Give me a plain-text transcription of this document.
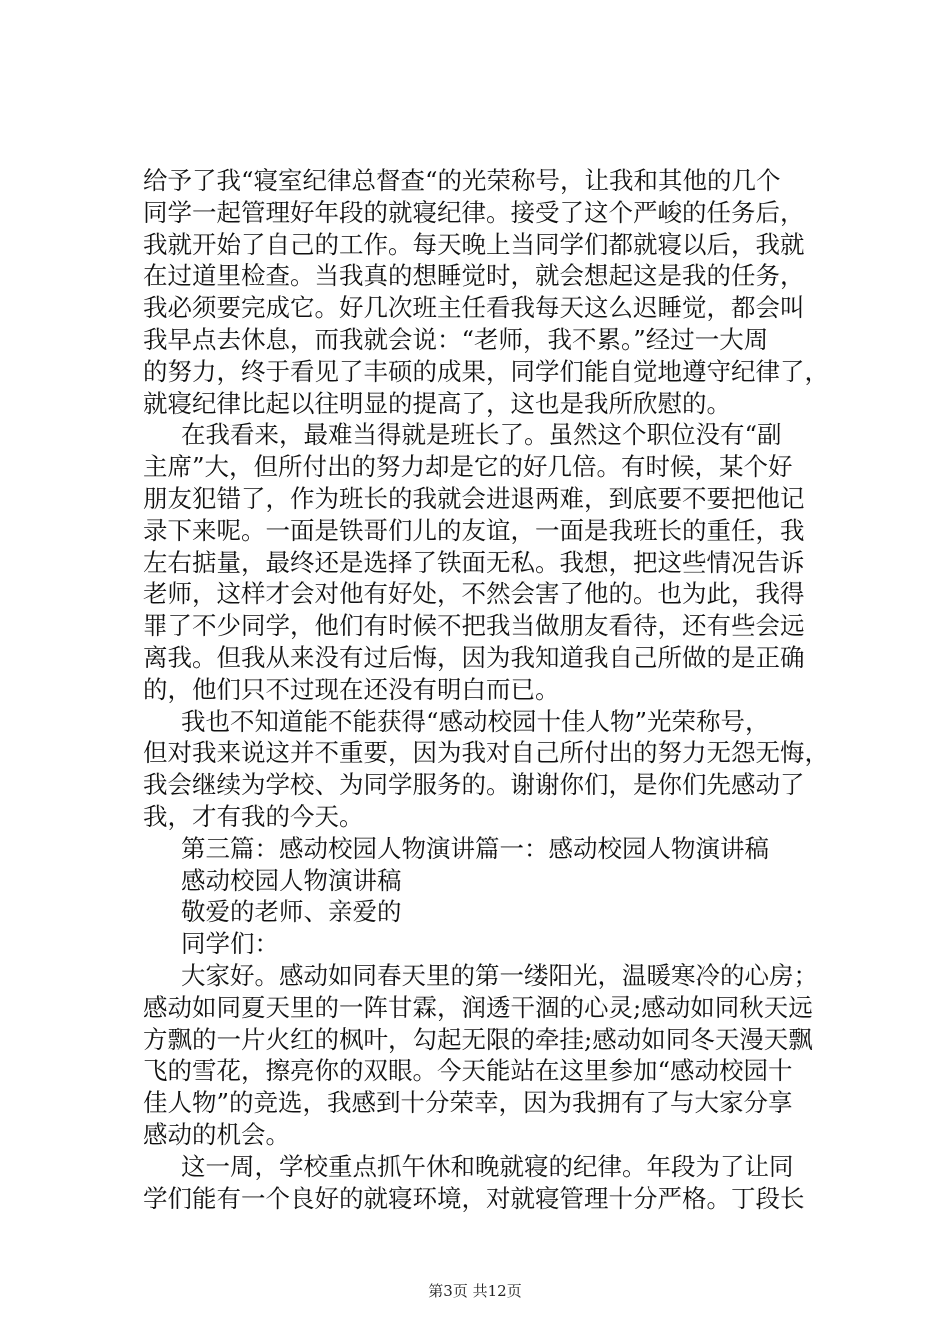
给予了我“寝室纪律总督查“的光荣称号，让我和其他的几个
同学一起管理好年段的就寝纪律。接受了这个严峻的任务后，
我就开始了自己的工作。每天晚上当同学们都就寝以后，我就
在过道里检查。当我真的想睡觉时，就会想起这是我的任务，
我必须要完成它。好几次班主任看我每天这么迟睡觉，都会叫
我早点去休息，而我就会说：“老师，我不累。”经过一大周
的努力，终于看见了丰硕的成果，同学们能自觉地遵守纪律了，
就寝纪律比起以往明显的提高了，这也是我所欣慰的。
在我看来，最难当得就是班长了。虽然这个职位没有“副
主席”大，但所付出的努力却是它的好几倍。有时候，某个好
朋友犯错了，作为班长的我就会进退两难，到底要不要把他记
录下来呢。一面是铁哥们儿的友谊，一面是我班长的重任，我
左右掂量，最终还是选择了铁面无私。我想，把这些情况告诉
老师，这样才会对他有好处，不然会害了他的。也为此，我得
罪了不少同学，他们有时候不把我当做朋友看待，还有些会远
离我。但我从来没有过后悔，因为我知道我自己所做的是正确
的，他们只不过现在还没有明白而已。
我也不知道能不能获得“感动校园十佳人物”光荣称号，
但对我来说这并不重要，因为我对自己所付出的努力无怨无悔，
我会继续为学校、为同学服务的。谢谢你们，是你们先感动了
我，才有我的今天。
第三篇：感动校园人物演讲篇一：感动校园人物演讲稿
感动校园人物演讲稿
敬爱的老师、亲爱的
同学们：
大家好。感动如同春天里的第一缕阳光，温暖寒冷的心房；
感动如同夏天里的一阵甘霖，润透干涸的心灵;感动如同秋天远
方飘的一片火红的枫叶，勾起无限的牵挂;感动如同冬天漫天飘
飞的雪花，擦亮你的双眼。今天能站在这里参加“感动校园十
佳人物”的竞选，我感到十分荣幸，因为我拥有了与大家分享
感动的机会。
这一周，学校重点抓午休和晚就寝的纪律。年段为了让同
学们能有一个良好的就寝环境，对就寝管理十分严格。丁段长
第3页 共12页
